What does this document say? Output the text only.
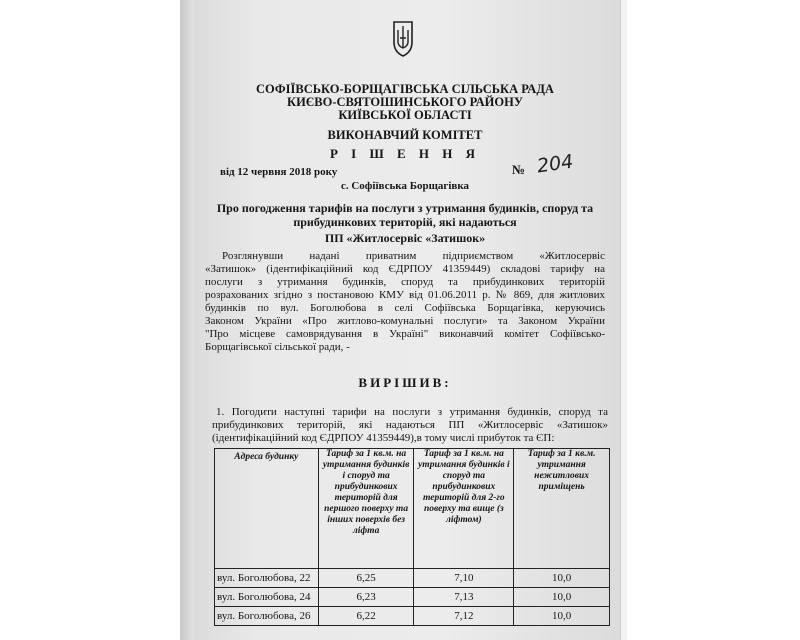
СОФІЇВСЬКО-БОРЩАГІВСЬКА СІЛЬСЬКА РАДА
КИЄВО-СВЯТОШИНСЬКОГО РАЙОНУ
КИЇВСЬКОЇ ОБЛАСТІ
ВИКОНАВЧИЙ КОМІТЕТ
Р І Ш Е Н Н Я
від 12 червня 2018 року	№ 204
с. Софіївська Борщагівка
Про погодження тарифів на послуги з утримання будинків, споруд та
прибудинкових територій, які надаються
ПП «Житлосервіс «Затишок»
Розглянувши надані приватним підприємством «Житлосервіс
«Затишок» (ідентифікаційний код ЄДРПОУ 41359449) складові тарифу на
послуги з утримання будинків, споруд та прибудинкових територій
розрахованих згідно з постановою КМУ від 01.06.2011 р. № 869, для житлових
будинків по вул. Боголюбова в селі Софіївська Борщагівка, керуючись
Законом України «Про житлово-комунальні послуги» та Законом України
"Про місцеве самоврядування в Україні" виконавчий комітет Софіївсько-
Борщагівської сільської ради, -
ВИРІШИВ:
1. Погодити наступні тарифи на послуги з утримання будинків, споруд та
прибудинкових територій, які надаються ПП «Житлосервіс «Затишок»
(ідентифікаційний код ЄДРПОУ 41359449),в тому числі прибуток та ЄП:
Адреса будинку	Тариф за 1 кв.м. на утримання будинків і споруд та прибудинкових територій для першого поверху та інших поверхів без ліфта	Тариф за 1 кв.м. на утримання будинків і споруд та прибудинкових територій для 2-го поверху та вище (з ліфтом)	Тариф за 1 кв.м. утримання нежитлових приміщень
вул. Боголюбова, 22	6,25	7,10	10,0
вул. Боголюбова, 24	6,23	7,13	10,0
вул. Боголюбова, 26	6,22	7,12	10,0
